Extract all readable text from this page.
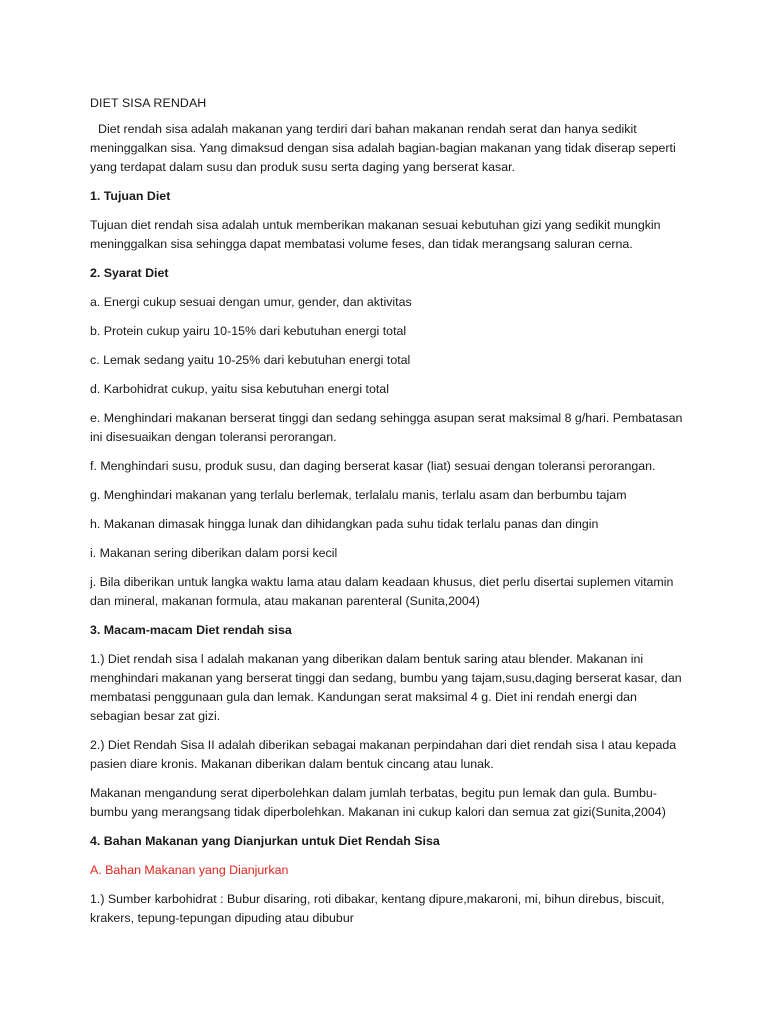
DIET SISA RENDAH

Diet rendah sisa adalah makanan yang terdiri dari bahan makanan rendah serat dan hanya sedikit meninggalkan sisa. Yang dimaksud dengan sisa adalah bagian-bagian makanan yang tidak diserap seperti yang terdapat dalam susu dan produk susu serta daging yang berserat kasar.

1. Tujuan Diet

Tujuan diet rendah sisa adalah untuk memberikan makanan sesuai kebutuhan gizi yang sedikit mungkin meninggalkan sisa sehingga dapat membatasi volume feses, dan tidak merangsang saluran cerna.

2. Syarat Diet

a. Energi cukup sesuai dengan umur, gender, dan aktivitas

b. Protein cukup yairu 10-15% dari kebutuhan energi total

c. Lemak sedang yaitu 10-25% dari kebutuhan energi total

d. Karbohidrat cukup, yaitu sisa kebutuhan energi total

e. Menghindari makanan berserat tinggi dan sedang sehingga asupan serat maksimal 8 g/hari. Pembatasan ini disesuaikan dengan toleransi perorangan.

f. Menghindari susu, produk susu, dan daging berserat kasar (liat) sesuai dengan toleransi perorangan.

g. Menghindari makanan yang terlalu berlemak, terlalalu manis, terlalu asam dan berbumbu tajam

h. Makanan dimasak hingga lunak dan dihidangkan pada suhu tidak terlalu panas dan dingin

i. Makanan sering diberikan dalam porsi kecil

j. Bila diberikan untuk langka waktu lama atau dalam keadaan khusus, diet perlu disertai suplemen vitamin dan mineral, makanan formula, atau makanan parenteral (Sunita,2004)

3. Macam-macam Diet rendah sisa

1.) Diet rendah sisa l adalah makanan yang diberikan dalam bentuk saring atau blender. Makanan ini menghindari makanan yang berserat tinggi dan sedang, bumbu yang tajam,susu,daging berserat kasar, dan membatasi penggunaan gula dan lemak. Kandungan serat maksimal 4 g. Diet ini rendah energi dan sebagian besar zat gizi.

2.) Diet Rendah Sisa II adalah diberikan sebagai makanan perpindahan dari diet rendah sisa I atau kepada pasien diare kronis. Makanan diberikan dalam bentuk cincang atau lunak.

Makanan mengandung serat diperbolehkan dalam jumlah terbatas, begitu pun lemak dan gula. Bumbu-bumbu yang merangsang tidak diperbolehkan. Makanan ini cukup kalori dan semua zat gizi(Sunita,2004)

4. Bahan Makanan yang Dianjurkan untuk Diet Rendah Sisa

A. Bahan Makanan yang Dianjurkan

1.) Sumber karbohidrat : Bubur disaring, roti dibakar, kentang dipure,makaroni, mi, bihun direbus, biscuit, krakers, tepung-tepungan dipuding atau dibubur
